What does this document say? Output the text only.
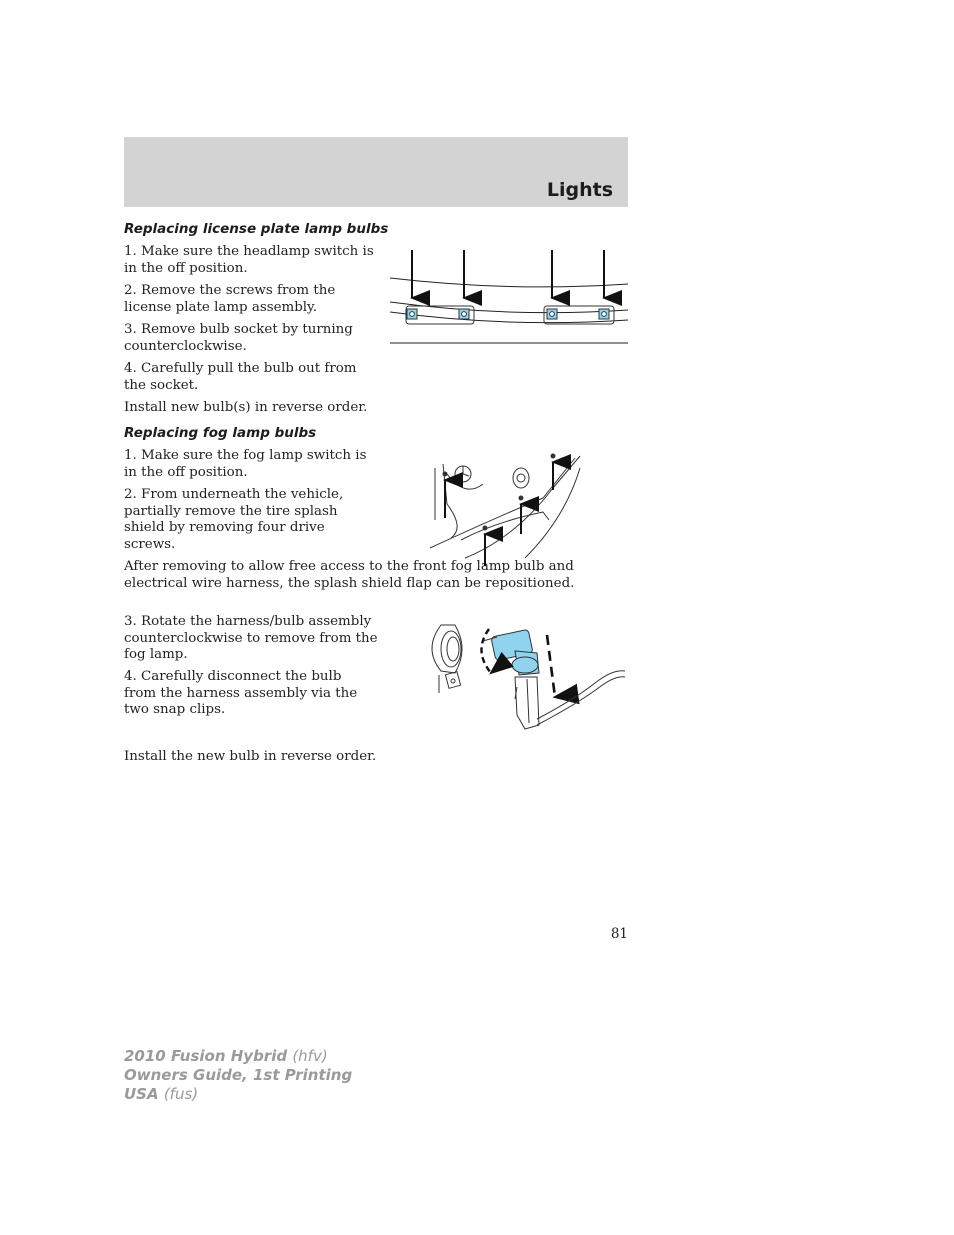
Lights
Replacing license plate lamp bulbs
1. Make sure the headlamp switch is in the off position.
2. Remove the screws from the license plate lamp assembly.
3. Remove bulb socket by turning counterclockwise.
4. Carefully pull the bulb out from the socket.
Install new bulb(s) in reverse order.
Replacing fog lamp bulbs
1. Make sure the fog lamp switch is in the off position.
2. From underneath the vehicle, partially remove the tire splash shield by removing four drive screws.
After removing to allow free access to the front fog lamp bulb and electrical wire harness, the splash shield flap can be repositioned.
3. Rotate the harness/bulb assembly counterclockwise to remove from the fog lamp.
4. Carefully disconnect the bulb from the harness assembly via the two snap clips.
Install the new bulb in reverse order.
81
2010 Fusion Hybrid (hfv)
Owners Guide, 1st Printing
USA (fus)
